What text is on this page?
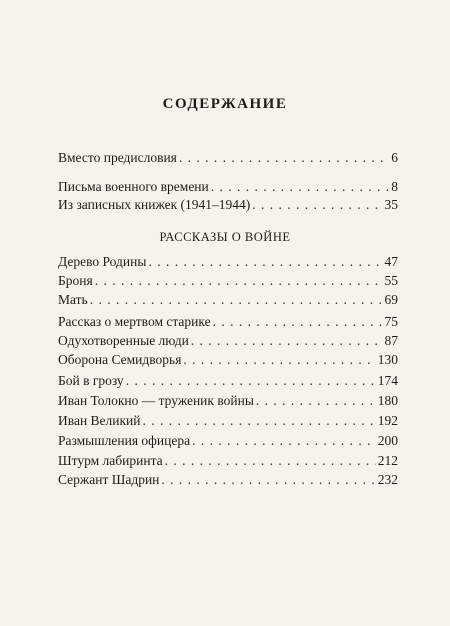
СОДЕРЖАНИЕ
Вместо предисловия . . .	6
Письма военного времени . . .	8
Из записных книжек (1941–1944) . . .	35
РАССКАЗЫ О ВОЙНЕ
Дерево Родины . . .	47
Броня . . .	55
Мать . . .	69
Рассказ о мертвом старике . . .	75
Одухотворенные люди . . .	87
Оборона Семидворья . . .	130
Бой в грозу . . .	174
Иван Толокно — труженик войны . . .	180
Иван Великий . . .	192
Размышления офицера . . .	200
Штурм лабиринта . . .	212
Сержант Шадрин . . .	232
